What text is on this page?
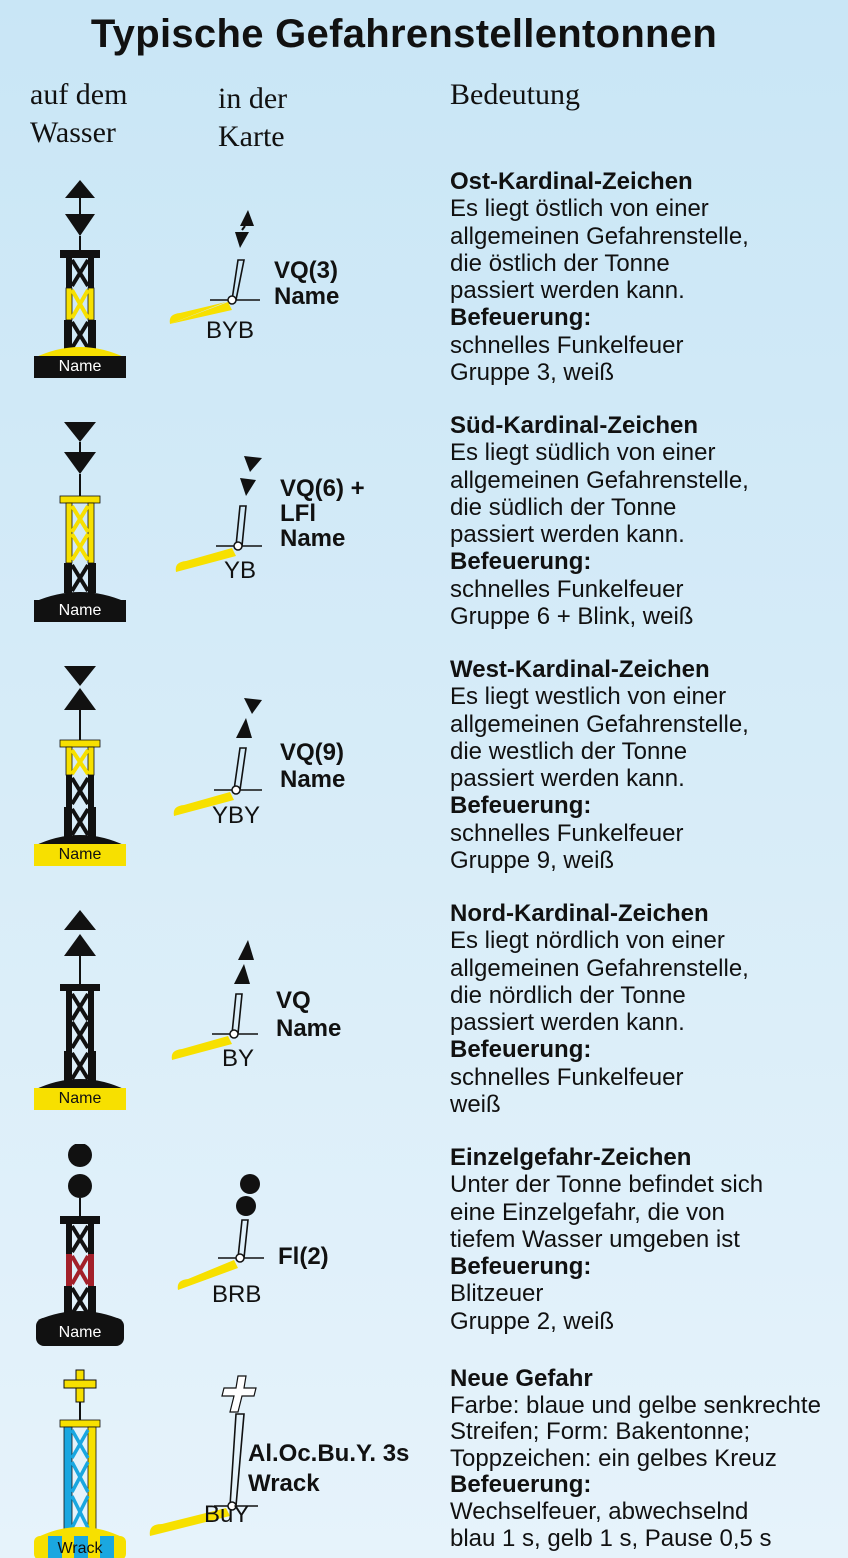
Typische Gefahrenstellentonnen
auf dem
Wasser
in der
Karte
Bedeutung
Name
VQ(3)
Name
BYB
Ost-Kardinal-Zeichen
Es liegt östlich von einer
allgemeinen Gefahrenstelle,
die östlich der Tonne
passiert werden kann.
Befeuerung:
schnelles Funkelfeuer
Gruppe 3, weiß
Name
VQ(6) +
LFl
Name
YB
Süd-Kardinal-Zeichen
Es liegt südlich von einer
allgemeinen Gefahrenstelle,
die südlich der Tonne
passiert werden kann.
Befeuerung:
schnelles Funkelfeuer
Gruppe 6 + Blink, weiß
Name
VQ(9)
Name
YBY
West-Kardinal-Zeichen
Es liegt westlich von einer
allgemeinen Gefahrenstelle,
die westlich der Tonne
passiert werden kann.
Befeuerung:
schnelles Funkelfeuer
Gruppe 9, weiß
Name
VQ
Name
BY
Nord-Kardinal-Zeichen
Es liegt nördlich von einer
allgemeinen Gefahrenstelle,
die nördlich der Tonne
passiert werden kann.
Befeuerung:
schnelles Funkelfeuer
weiß
Name
Fl(2)
BRB
Einzelgefahr-Zeichen
Unter der Tonne befindet sich
eine Einzelgefahr, die von
tiefem Wasser umgeben ist
Befeuerung:
Blitzeuer
Gruppe 2, weiß
Wrack
Al.Oc.Bu.Y. 3s
Wrack
BuY
Neue Gefahr
Farbe: blaue und gelbe senkrechte
Streifen; Form: Bakentonne;
Toppzeichen: ein gelbes Kreuz
Befeuerung:
Wechselfeuer, abwechselnd
blau 1 s, gelb 1 s, Pause 0,5 s
